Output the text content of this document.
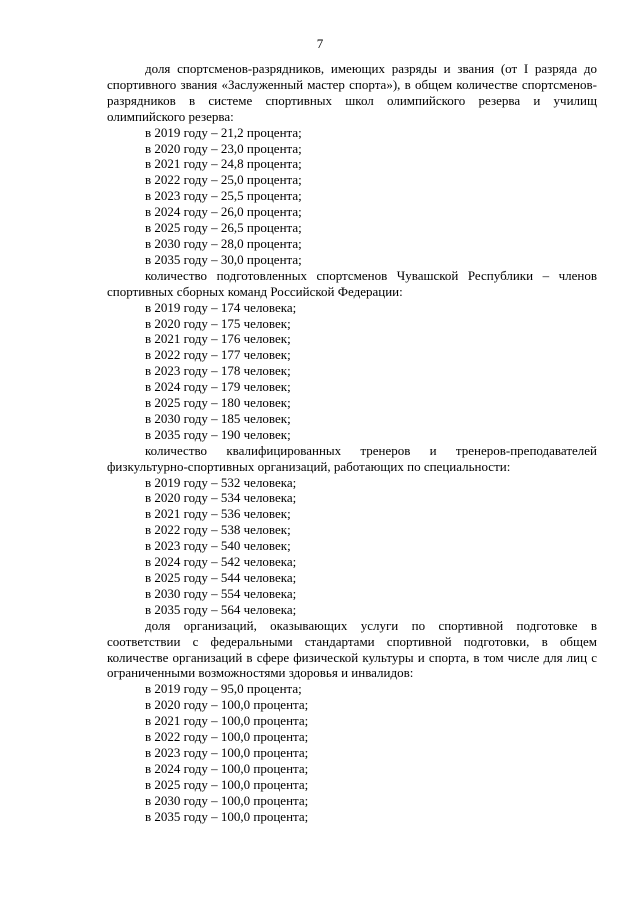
7

доля спортсменов-разрядников, имеющих разряды и звания (от I разряда до спортивного звания «Заслуженный мастер спорта»), в общем количестве спортсменов-разрядников в системе спортивных школ олимпийского резерва и училищ олимпийского резерва:

в 2019 году – 21,2 процента;
в 2020 году – 23,0 процента;
в 2021 году – 24,8 процента;
в 2022 году – 25,0 процента;
в 2023 году – 25,5 процента;
в 2024 году – 26,0 процента;
в 2025 году – 26,5 процента;
в 2030 году – 28,0 процента;
в 2035 году – 30,0 процента;

количество подготовленных спортсменов Чувашской Республики – членов спортивных сборных команд Российской Федерации:

в 2019 году – 174 человека;
в 2020 году – 175 человек;
в 2021 году – 176 человек;
в 2022 году – 177 человек;
в 2023 году – 178 человек;
в 2024 году – 179 человек;
в 2025 году – 180 человек;
в 2030 году – 185 человек;
в 2035 году – 190 человек;

количество квалифицированных тренеров и тренеров-преподавателей физкультурно-спортивных организаций, работающих по специальности:

в 2019 году – 532 человека;
в 2020 году – 534 человека;
в 2021 году – 536 человек;
в 2022 году – 538 человек;
в 2023 году – 540 человек;
в 2024 году – 542 человека;
в 2025 году – 544 человека;
в 2030 году – 554 человека;
в 2035 году – 564 человека;

доля организаций, оказывающих услуги по спортивной подготовке в соответствии с федеральными стандартами спортивной подготовки, в общем количестве организаций в сфере физической культуры и спорта, в том числе для лиц с ограниченными возможностями здоровья и инвалидов:

в 2019 году – 95,0 процента;
в 2020 году – 100,0 процента;
в 2021 году – 100,0 процента;
в 2022 году – 100,0 процента;
в 2023 году – 100,0 процента;
в 2024 году – 100,0 процента;
в 2025 году – 100,0 процента;
в 2030 году – 100,0 процента;
в 2035 году – 100,0 процента;
